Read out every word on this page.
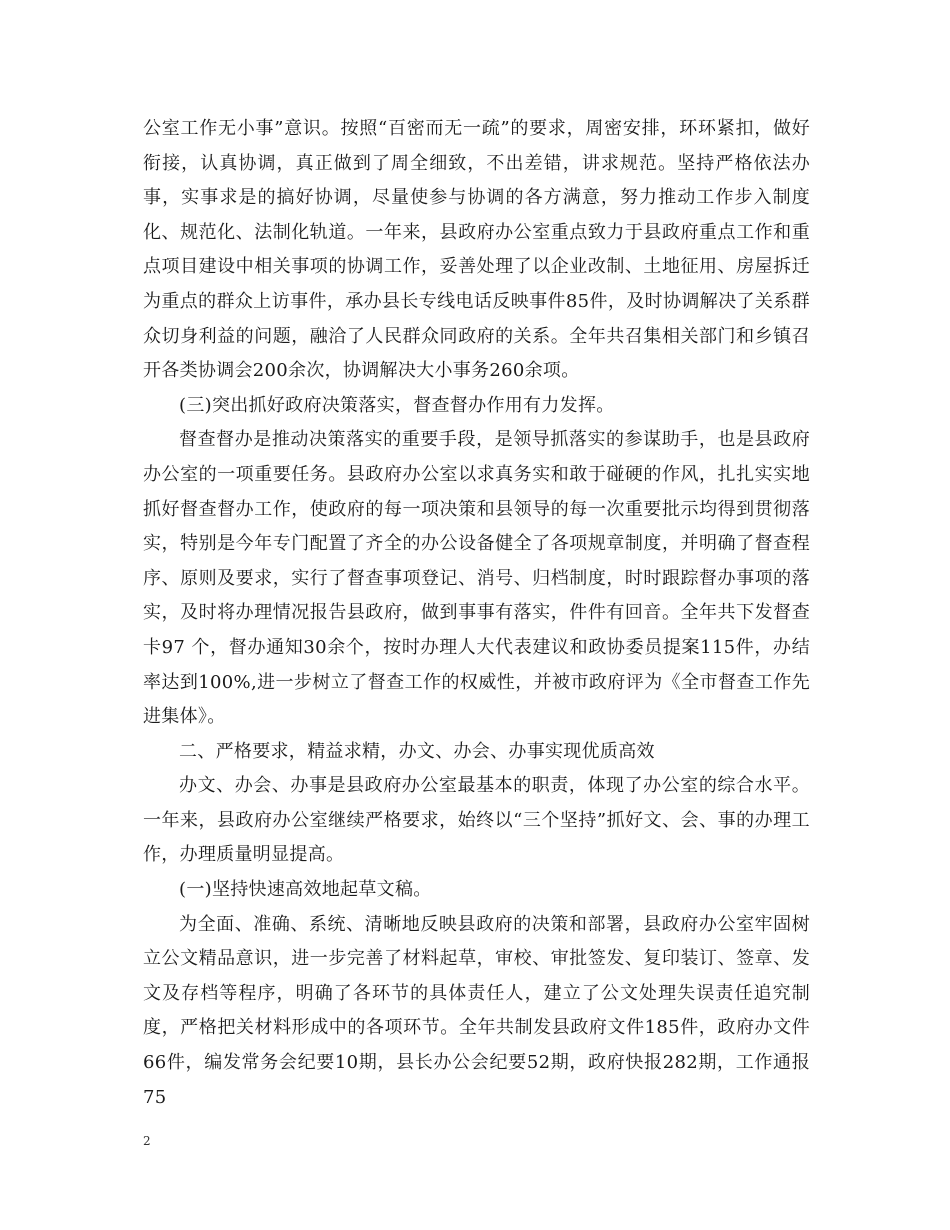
公室工作无小事”意识。按照“百密而无一疏”的要求，周密安排，环环紧扣，做好衔接，认真协调，真正做到了周全细致，不出差错，讲求规范。坚持严格依法办事，实事求是的搞好协调，尽量使参与协调的各方满意，努力推动工作步入制度化、规范化、法制化轨道。一年来，县政府办公室重点致力于县政府重点工作和重点项目建设中相关事项的协调工作，妥善处理了以企业改制、土地征用、房屋拆迁为重点的群众上访事件，承办县长专线电话反映事件85件，及时协调解决了关系群众切身利益的问题，融洽了人民群众同政府的关系。全年共召集相关部门和乡镇召开各类协调会200余次，协调解决大小事务260余项。

(三)突出抓好政府决策落实，督查督办作用有力发挥。

督查督办是推动决策落实的重要手段，是领导抓落实的参谋助手，也是县政府办公室的一项重要任务。县政府办公室以求真务实和敢于碰硬的作风，扎扎实实地抓好督查督办工作，使政府的每一项决策和县领导的每一次重要批示均得到贯彻落实，特别是今年专门配置了齐全的办公设备健全了各项规章制度，并明确了督查程序、原则及要求，实行了督查事项登记、消号、归档制度，时时跟踪督办事项的落实，及时将办理情况报告县政府，做到事事有落实，件件有回音。全年共下发督查卡97 个，督办通知30余个，按时办理人大代表建议和政协委员提案115件，办结率达到100%,进一步树立了督查工作的权威性，并被市政府评为《全市督查工作先进集体》。

二、严格要求，精益求精，办文、办会、办事实现优质高效

办文、办会、办事是县政府办公室最基本的职责，体现了办公室的综合水平。一年来，县政府办公室继续严格要求，始终以“三个坚持”抓好文、会、事的办理工作，办理质量明显提高。

(一)坚持快速高效地起草文稿。

为全面、准确、系统、清晰地反映县政府的决策和部署，县政府办公室牢固树立公文精品意识，进一步完善了材料起草，审校、审批签发、复印装订、签章、发文及存档等程序，明确了各环节的具体责任人，建立了公文处理失误责任追究制度，严格把关材料形成中的各项环节。全年共制发县政府文件185件，政府办文件66件，编发常务会纪要10期，县长办公会纪要52期，政府快报282期，工作通报75

2
